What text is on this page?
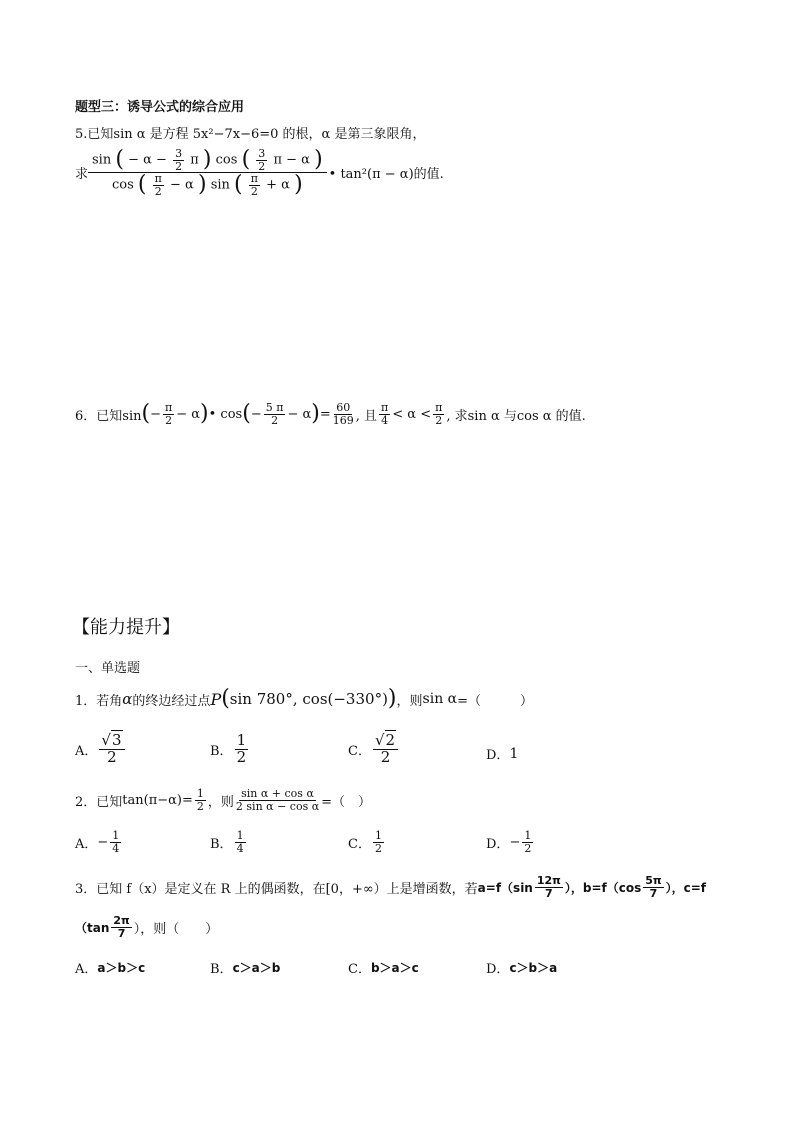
题型三：诱导公式的综合应用
5.已知sin α 是方程 5x²−7x−6=0 的根，α 是第三象限角，
求
sin ( − $\alpha - \frac{3}{2}$ π ) cos ( $\frac{3}{2}$ π − α )
cos ( $\frac{\pi}{2} - \alpha$ ) sin ( $\frac{\pi}{2} + \alpha$ )	• tan²(π − α)的值.
6．已知sin ( − $\frac{\pi}{2} - \alpha$ ) • cos ( − $\frac{5 \pi}{2} - \alpha$ ) = $\frac{60}{169}$ , 且 $\frac{\pi}{4} < \alpha < \frac{\pi}{2}$ , 求sin α 与cos α 的值.
【能力提升】
一、单选题
1．若角 α 的终边经过点 P ( sin 780°, cos(−330°) ) ，则 sin α =（　　　）
A． $\frac{√3}{2}$	B． $\frac{1}{2}$	C． $\frac{√2}{2}$	D． 1
2．已知 $\tan(\pi-\alpha)= \frac{1}{2}$ ，则 $\frac{\text{sin α + cos α}}{\text{2 sin α − cos α}}$ =（　）
A． − $\frac{1}{4}$	B． $\frac{1}{4}$	C． $\frac{1}{2}$	D． − $\frac{1}{2}$
3．已知 f（x）是定义在 R 上的偶函数，在[0，+∞）上是增函数，若 $a=f(\sin \frac{12\pi}{7}$ ），$b=f(\cos \frac{5\pi}{7}$ ），c=f
（$\tan \frac{2\pi}{7}$ ），则（　　）
A． a＞b＞c	B． c＞a＞b	C． b＞a＞c	D． c＞b＞a
